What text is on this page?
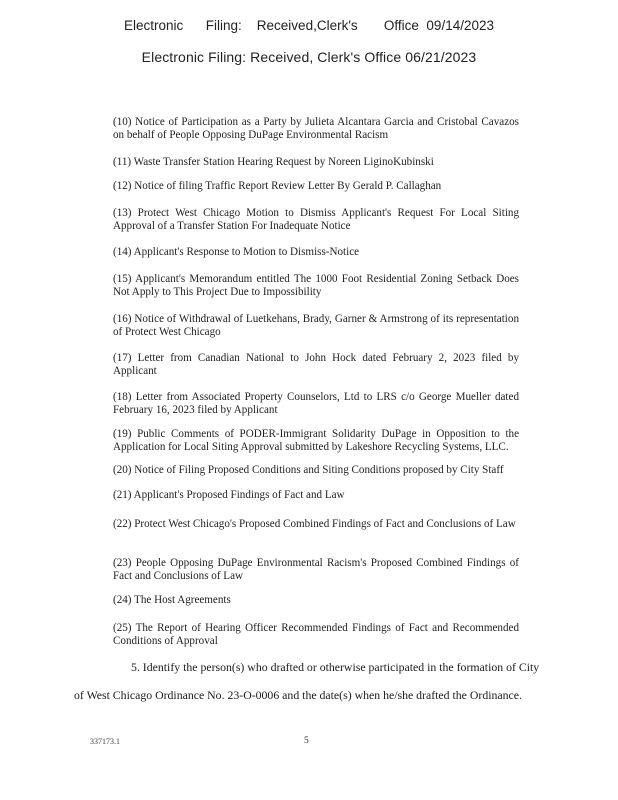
Electronic      Filing:    Received,Clerk's       Office  09/14/2023
Electronic Filing: Received, Clerk's Office 06/21/2023

(10) Notice of Participation as a Party by Julieta Alcantara Garcia and Cristobal Cavazos on behalf of People Opposing DuPage Environmental Racism

(11) Waste Transfer Station Hearing Request by Noreen LiginoKubinski

(12) Notice of filing Traffic Report Review Letter By Gerald P. Callaghan

(13) Protect West Chicago Motion to Dismiss Applicant's Request For Local Siting Approval of a Transfer Station For Inadequate Notice

(14) Applicant's Response to Motion to Dismiss-Notice

(15) Applicant's Memorandum entitled The 1000 Foot Residential Zoning Setback Does Not Apply to This Project Due to Impossibility

(16) Notice of Withdrawal of Luetkehans, Brady, Garner & Armstrong of its representation of Protect West Chicago

(17) Letter from Canadian National to John Hock dated February 2, 2023 filed by Applicant

(18) Letter from Associated Property Counselors, Ltd to LRS c/o George Mueller dated February 16, 2023 filed by Applicant

(19) Public Comments of PODER-Immigrant Solidarity DuPage in Opposition to the Application for Local Siting Approval submitted by Lakeshore Recycling Systems, LLC.

(20) Notice of Filing Proposed Conditions and Siting Conditions proposed by City Staff

(21) Applicant's Proposed Findings of Fact and Law

(22) Protect West Chicago's Proposed Combined Findings of Fact and Conclusions of Law

(23) People Opposing DuPage Environmental Racism's Proposed Combined Findings of Fact and Conclusions of Law

(24) The Host Agreements

(25) The Report of Hearing Officer Recommended Findings of Fact and Recommended Conditions of Approval

5. Identify the person(s) who drafted or otherwise participated in the formation of City
of West Chicago Ordinance No. 23-O-0006 and the date(s) when he/she drafted the Ordinance.
337173.1	5
